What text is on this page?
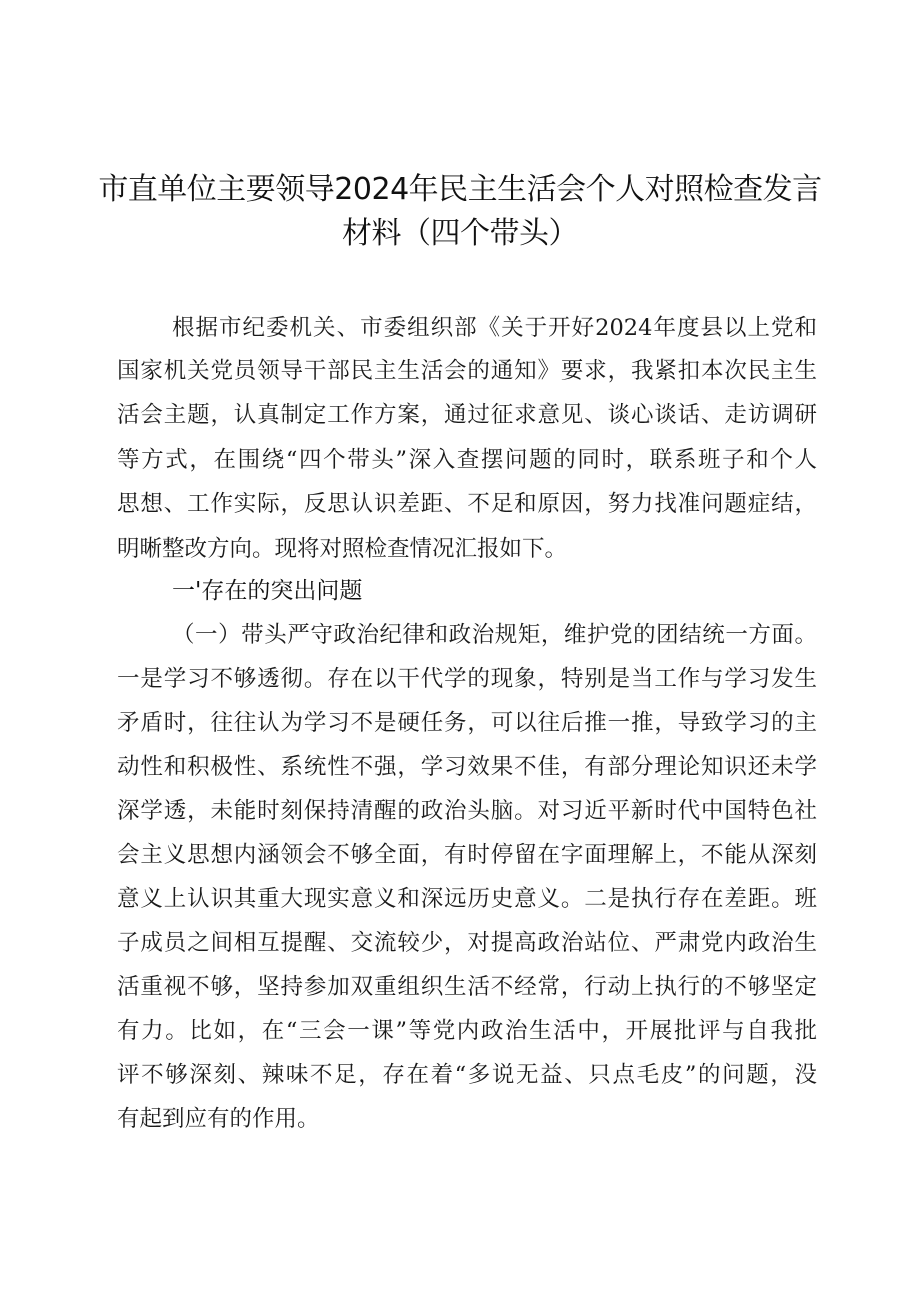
市直单位主要领导2024年民主生活会个人对照检查发言
材料（四个带头）
根据市纪委机关、市委组织部《关于开好2024年度县以上党和
国家机关党员领导干部民主生活会的通知》要求，我紧扣本次民主生
活会主题，认真制定工作方案，通过征求意见、谈心谈话、走访调研
等方式，在围绕“四个带头”深入查摆问题的同时，联系班子和个人
思想、工作实际，反思认识差距、不足和原因，努力找准问题症结，
明晰整改方向。现将对照检查情况汇报如下。
一'存在的突出问题
（一）带头严守政治纪律和政治规矩，维护党的团结统一方面。
一是学习不够透彻。存在以干代学的现象，特别是当工作与学习发生
矛盾时，往往认为学习不是硬任务，可以往后推一推，导致学习的主
动性和积极性、系统性不强，学习效果不佳，有部分理论知识还未学
深学透，未能时刻保持清醒的政治头脑。对习近平新时代中国特色社
会主义思想内涵领会不够全面，有时停留在字面理解上，不能从深刻
意义上认识其重大现实意义和深远历史意义。二是执行存在差距。班
子成员之间相互提醒、交流较少，对提高政治站位、严肃党内政治生
活重视不够，坚持参加双重组织生活不经常，行动上执行的不够坚定
有力。比如，在“三会一课”等党内政治生活中，开展批评与自我批
评不够深刻、辣味不足，存在着“多说无益、只点毛皮”的问题，没
有起到应有的作用。
